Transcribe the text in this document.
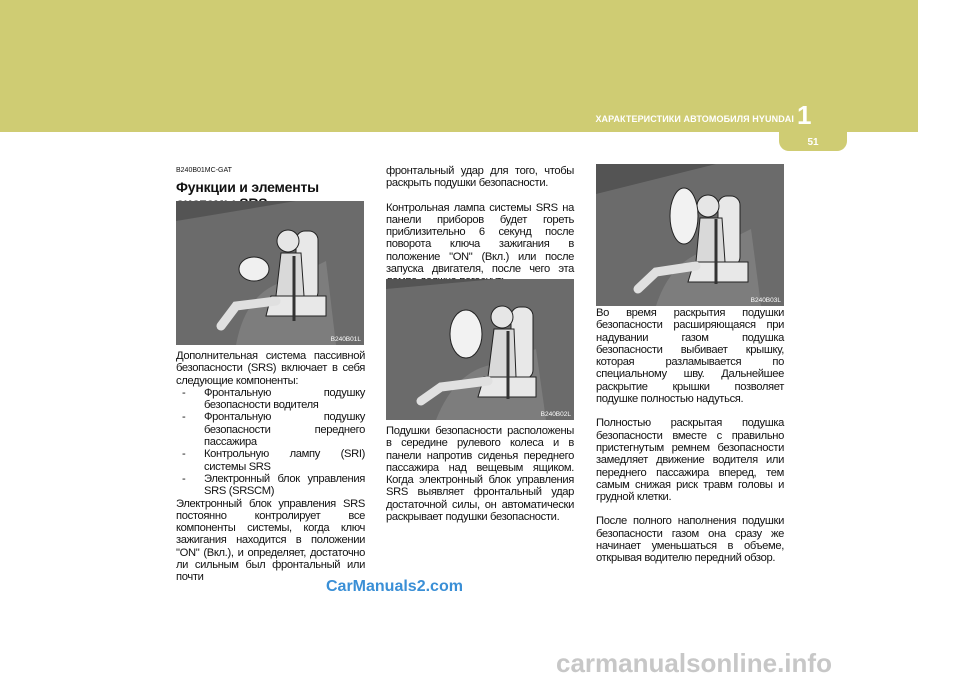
ХАРАКТЕРИСТИКИ АВТОМОБИЛЯ HYUNDAI 1
51
B240B01MC-GAT
Функции и элементы
B240B01L

Дополнительная система пассивной безопасности (SRS) включает в себя следующие компоненты:

- Фронтальную подушку безопасности водителя
- Фронтальную подушку безопасности переднего пассажира
- Контрольную лампу (SRI) системы SRS
- Электронный блок управления SRS (SRSCM)

Электронный блок управления SRS постоянно контролирует все компоненты системы, когда ключ зажигания находится в положении "ON" (Вкл.), и определяет, достаточно ли сильным был фронтальный или почти

фронтальный удар для того, чтобы раскрыть подушки безопасности.

Контрольная лампа системы SRS на панели приборов будет гореть приблизительно 6 секунд после поворота ключа зажигания в положение "ON" (Вкл.) или после запуска двигателя, после чего эта

B240B02L

Подушки безопасности расположены в середине рулевого колеса и в панели напротив сиденья переднего пассажира над вещевым ящиком. Когда электронный блок управления SRS выявляет фронтальный удар достаточной силы, он автоматически раскрывает подушки безопасности.

B240B03L

Во время раскрытия подушки безопасности расширяющаяся при надувании газом подушка безопасности выбивает крышку, которая разламывается по специальному шву. Дальнейшее раскрытие крышки позволяет подушке полностью надуться.

Полностью раскрытая подушка безопасности вместе с правильно пристегнутым ремнем безопасности замедляет движение водителя или переднего пассажира вперед, тем самым снижая риск травм головы и грудной клетки.

После полного наполнения подушки безопасности газом она сразу же начинает уменьшаться в объеме, открывая водителю передний обзор.

CarManuals2.com
carmanualsonline.info
